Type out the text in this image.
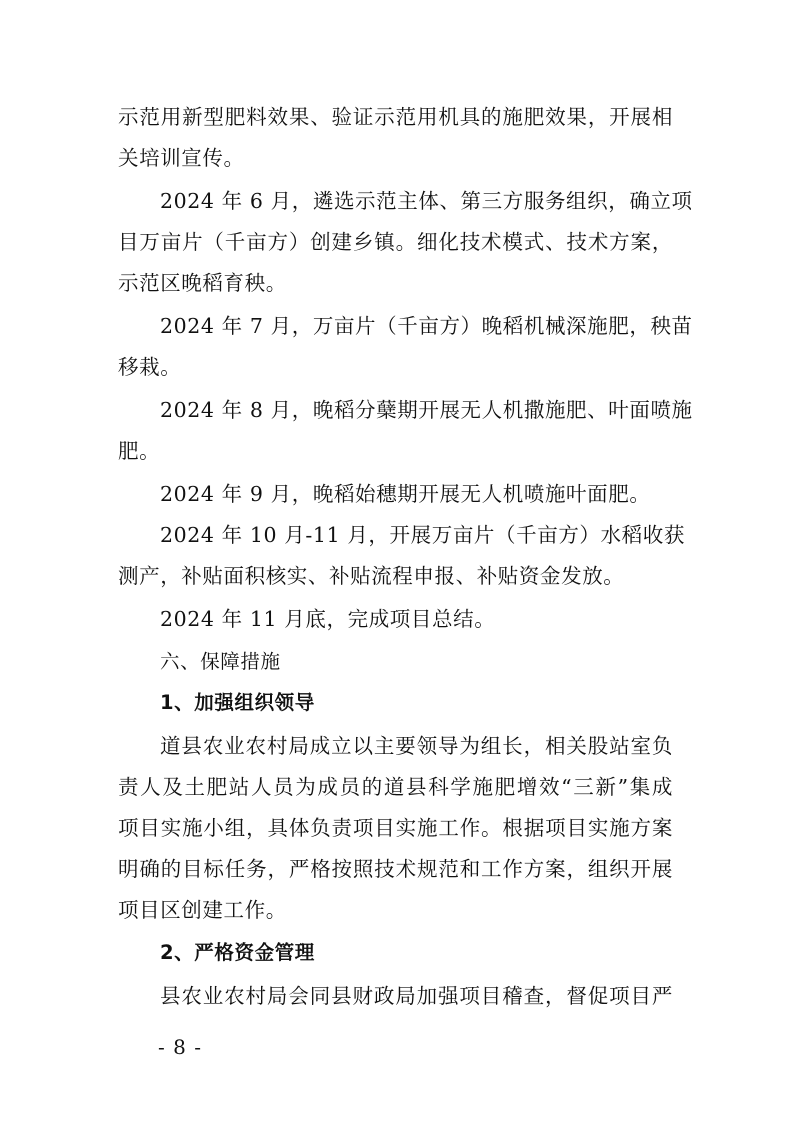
示范用新型肥料效果、验证示范用机具的施肥效果，开展相
关培训宣传。
2024 年 6 月，遴选示范主体、第三方服务组织，确立项
目万亩片（千亩方）创建乡镇。细化技术模式、技术方案，
示范区晚稻育秧。
2024 年 7 月，万亩片（千亩方）晚稻机械深施肥，秧苗
移栽。
2024 年 8 月，晚稻分蘖期开展无人机撒施肥、叶面喷施
肥。
2024 年 9 月，晚稻始穗期开展无人机喷施叶面肥。
2024 年 10 月-11 月，开展万亩片（千亩方）水稻收获
测产，补贴面积核实、补贴流程申报、补贴资金发放。
2024 年 11 月底，完成项目总结。
六、保障措施
1、加强组织领导
道县农业农村局成立以主要领导为组长，相关股站室负
责人及土肥站人员为成员的道县科学施肥增效“三新”集成
项目实施小组，具体负责项目实施工作。根据项目实施方案
明确的目标任务，严格按照技术规范和工作方案，组织开展
项目区创建工作。
2、严格资金管理
县农业农村局会同县财政局加强项目稽查，督促项目严
- 8 -
